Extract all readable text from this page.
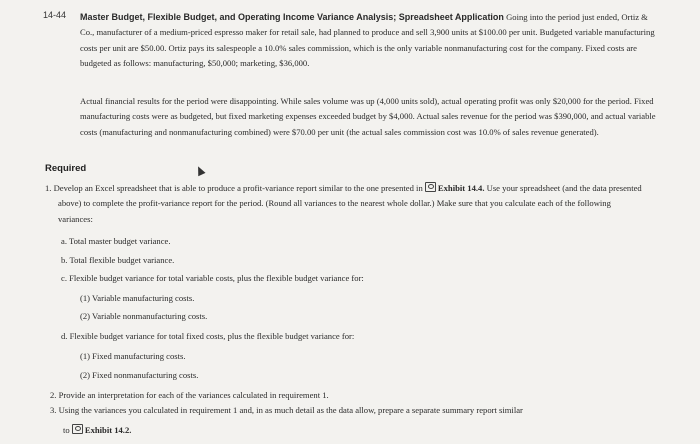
14-44 Master Budget, Flexible Budget, and Operating Income Variance Analysis; Spreadsheet Application Going into the period just ended, Ortiz & Co., manufacturer of a medium-priced espresso maker for retail sale, had planned to produce and sell 3,900 units at $100.00 per unit. Budgeted variable manufacturing costs per unit are $50.00. Ortiz pays its salespeople a 10.0% sales commission, which is the only variable nonmanufacturing cost for the company. Fixed costs are budgeted as follows: manufacturing, $50,000; marketing, $36,000.
Actual financial results for the period were disappointing. While sales volume was up (4,000 units sold), actual operating profit was only $20,000 for the period. Fixed manufacturing costs were as budgeted, but fixed marketing expenses exceeded budget by $4,000. Actual sales revenue for the period was $390,000, and actual variable costs (manufacturing and nonmanufacturing combined) were $70.00 per unit (the actual sales commission cost was 10.0% of sales revenue generated).
Required
1. Develop an Excel spreadsheet that is able to produce a profit-variance report similar to the one presented in Exhibit 14.4. Use your spreadsheet (and the data presented above) to complete the profit-variance report for the period. (Round all variances to the nearest whole dollar.) Make sure that you calculate each of the following variances:
a. Total master budget variance.
b. Total flexible budget variance.
c. Flexible budget variance for total variable costs, plus the flexible budget variance for:
(1) Variable manufacturing costs.
(2) Variable nonmanufacturing costs.
d. Flexible budget variance for total fixed costs, plus the flexible budget variance for:
(1) Fixed manufacturing costs.
(2) Fixed nonmanufacturing costs.
2. Provide an interpretation for each of the variances calculated in requirement 1.
3. Using the variances you calculated in requirement 1 and, in as much detail as the data allow, prepare a separate summary report similar
to Exhibit 14.2.
